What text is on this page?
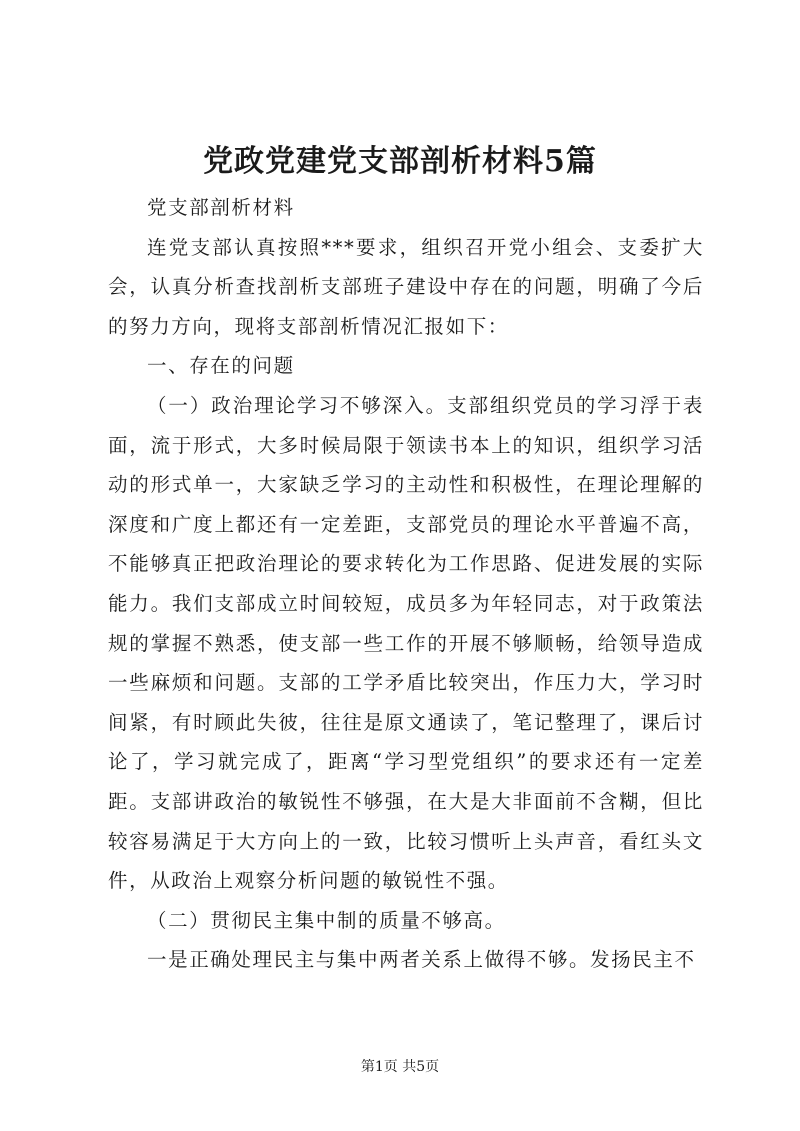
党政党建党支部剖析材料5篇

党支部剖析材料

连党支部认真按照***要求，组织召开党小组会、支委扩大会，认真分析查找剖析支部班子建设中存在的问题，明确了今后的努力方向，现将支部剖析情况汇报如下：

一、存在的问题

（一）政治理论学习不够深入。支部组织党员的学习浮于表面，流于形式，大多时候局限于领读书本上的知识，组织学习活动的形式单一，大家缺乏学习的主动性和积极性，在理论理解的深度和广度上都还有一定差距，支部党员的理论水平普遍不高，不能够真正把政治理论的要求转化为工作思路、促进发展的实际能力。我们支部成立时间较短，成员多为年轻同志，对于政策法规的掌握不熟悉，使支部一些工作的开展不够顺畅，给领导造成一些麻烦和问题。支部的工学矛盾比较突出，作压力大，学习时间紧，有时顾此失彼，往往是原文通读了，笔记整理了，课后讨论了，学习就完成了，距离“学习型党组织”的要求还有一定差距。支部讲政治的敏锐性不够强，在大是大非面前不含糊，但比较容易满足于大方向上的一致，比较习惯听上头声音，看红头文件，从政治上观察分析问题的敏锐性不强。

（二）贯彻民主集中制的质量不够高。

一是正确处理民主与集中两者关系上做得不够。发扬民主不

第1页 共5页
